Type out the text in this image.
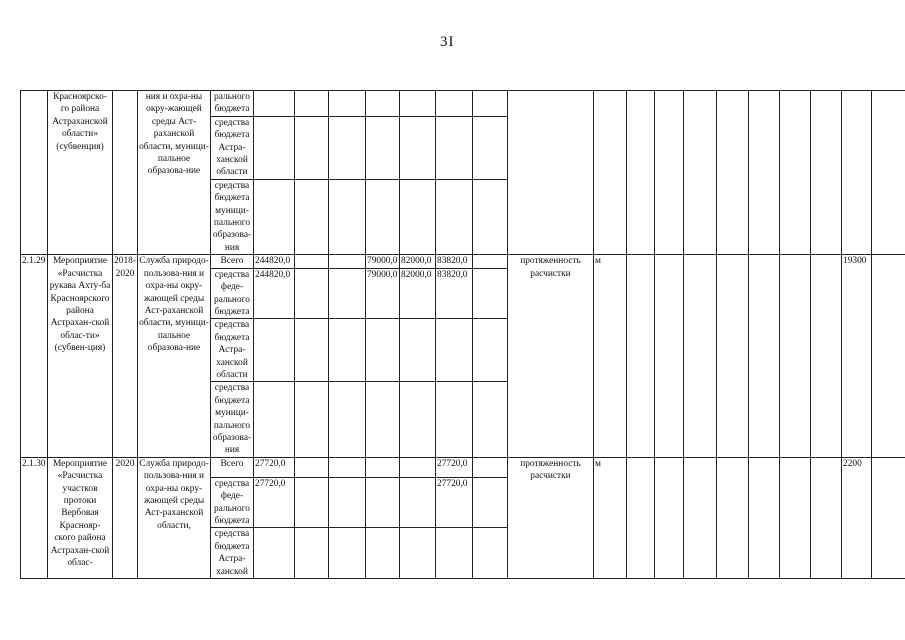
3I
	Красноярско-го района Астраханской области» (субвенция)		ния и охра-ны окру-жающей среды Аст-раханской области, муници-пальное образова-ние	рального бюджета																		
				средства бюджета Астра-ханской области																		
				средства бюджета муници-пального образова-ния																		
2.1.29	Мероприятие «Расчистка рукава Ахту-ба Красноярского района Астрахан-ской облас-ти» (субвен-ция)	2018-2020	Служба природо-пользова-ния и охра-ны окру-жающей среды Аст-раханской области, муници-пальное образова-ние	Всего	244820,0			79000,0	82000,0	83820,0		протяженность расчистки	м								19300	
				средства феде-рального бюджета	244820,0			79000,0	82000,0	83820,0												
				средства бюджета Астра-ханской области																		
				средства бюджета муници-пального образова-ния																		
2.1.30	Мероприятие «Расчистка участков протоки Вербовая Краснояр-ского района Астрахан-ской облас-	2020	Служба природо-пользова-ния и охра-ны окру-жающей среды Аст-раханской области,	Всего	27720,0					27720,0		протяженность расчистки	м								2200	
				средства феде-рального бюджета	27720,0					27720,0												
				средства бюджета Астра-ханской																		
